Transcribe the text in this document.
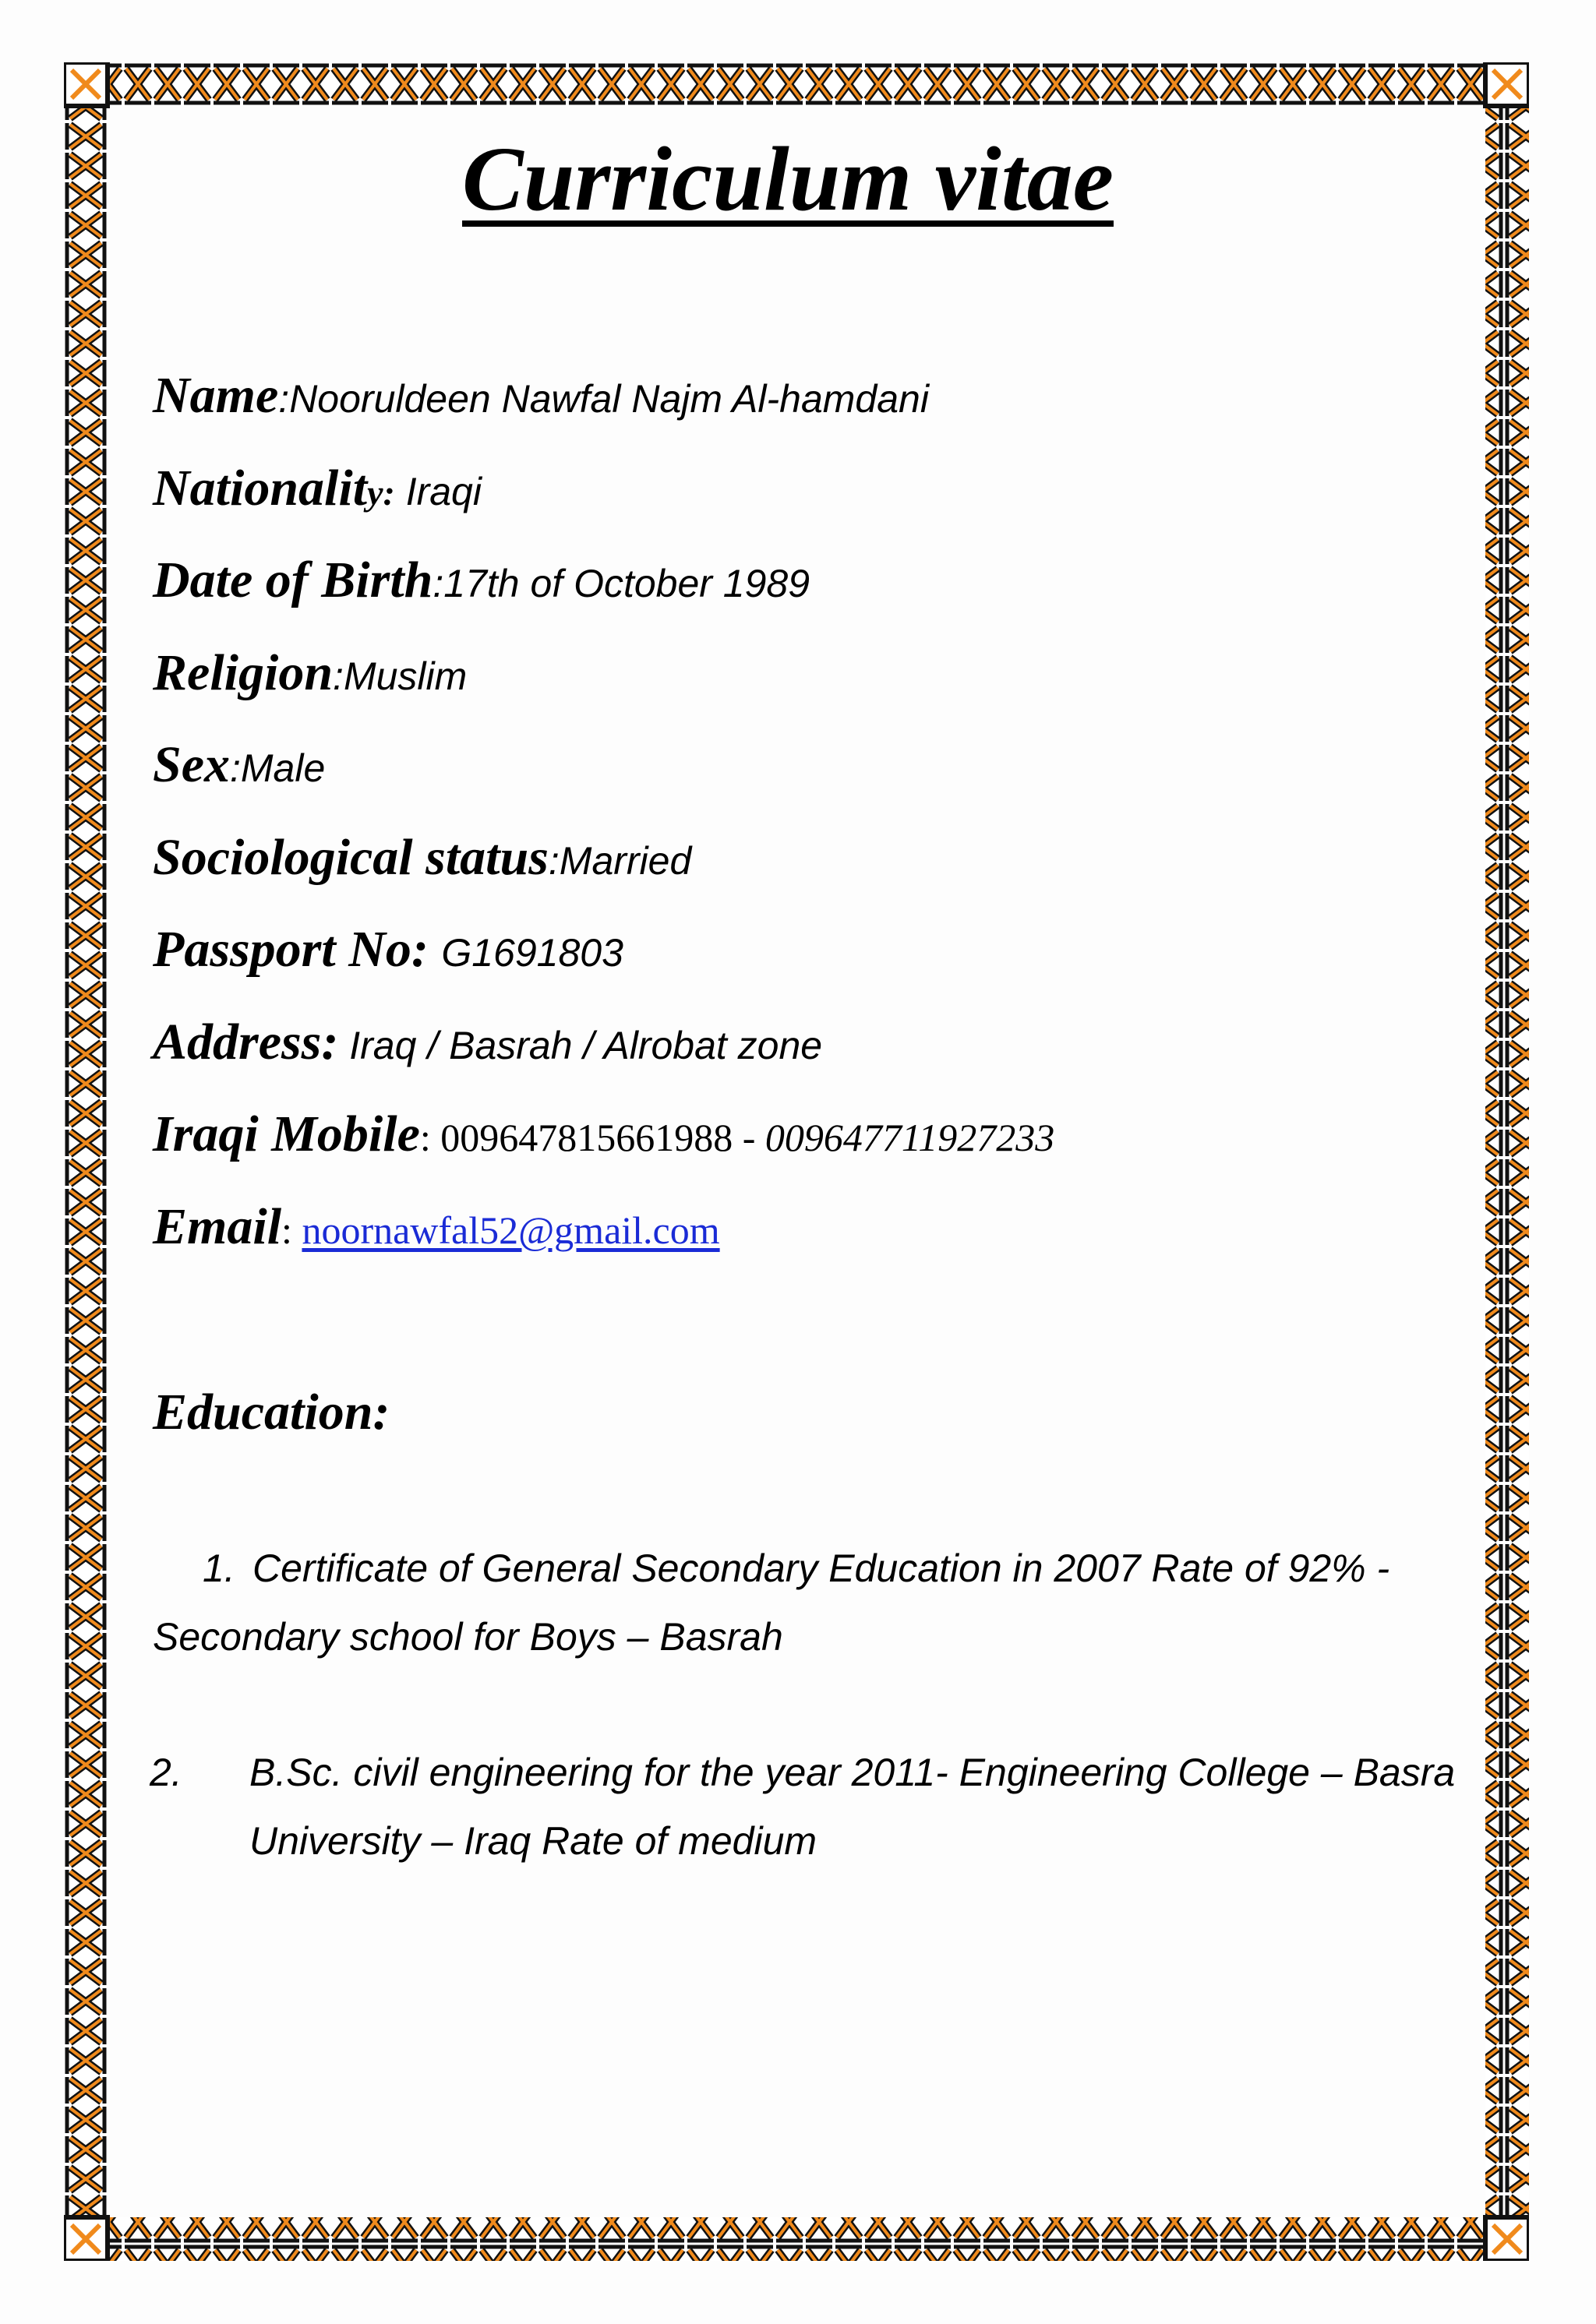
Curriculum vitae
Name : Nooruldeen Nawfal Najm Al-hamdani
Nationalit y: Iraqi
Date of Birth : 17th of October 1989
Religion : Muslim
Sex : Male
Sociological status : Married
Passport No : G1691803
Address:
Iraq / Basrah / Alrobat zone
Iraqi Mobile : 009647815661988 - 009647711927233
Email : noornawfal52@gmail.com
Education:
1. Certificate of General Secondary Education in 2007 Rate of 92% -
Secondary school for Boys – Basrah
2. B.Sc. civil engineering for the year 2011- Engineering College – Basra University – Iraq Rate of medium
